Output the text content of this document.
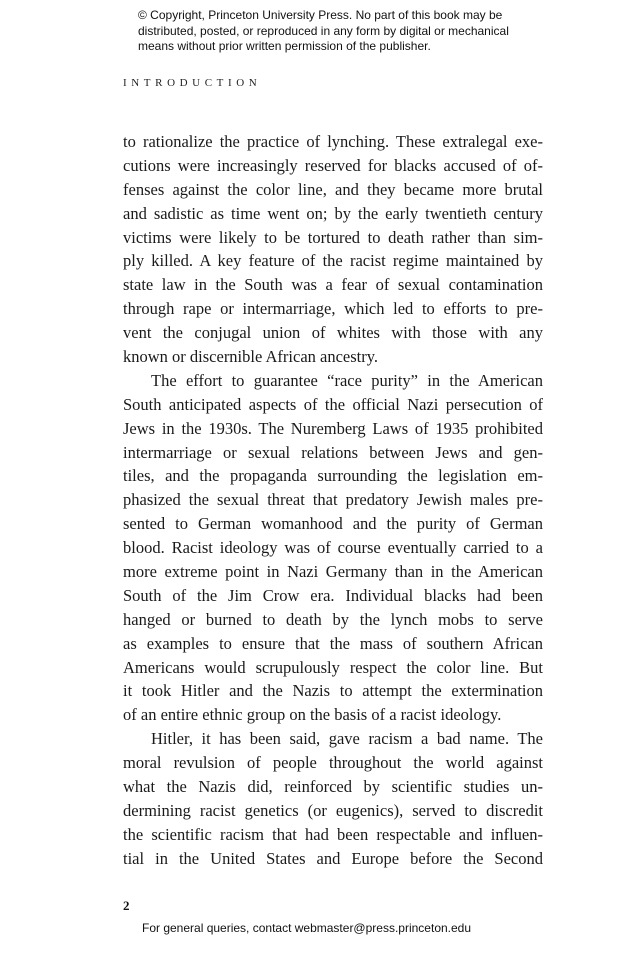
© Copyright, Princeton University Press. No part of this book may be
distributed, posted, or reproduced in any form by digital or mechanical
means without prior written permission of the publisher.
INTRODUCTION
to rationalize the practice of lynching. These extralegal exe-
cutions were increasingly reserved for blacks accused of of-
fenses against the color line, and they became more brutal
and sadistic as time went on; by the early twentieth century
victims were likely to be tortured to death rather than sim-
ply killed. A key feature of the racist regime maintained by
state law in the South was a fear of sexual contamination
through rape or intermarriage, which led to efforts to pre-
vent the conjugal union of whites with those with any
known or discernible African ancestry.
The effort to guarantee “race purity” in the American
South anticipated aspects of the official Nazi persecution of
Jews in the 1930s. The Nuremberg Laws of 1935 prohibited
intermarriage or sexual relations between Jews and gen-
tiles, and the propaganda surrounding the legislation em-
phasized the sexual threat that predatory Jewish males pre-
sented to German womanhood and the purity of German
blood. Racist ideology was of course eventually carried to a
more extreme point in Nazi Germany than in the American
South of the Jim Crow era. Individual blacks had been
hanged or burned to death by the lynch mobs to serve
as examples to ensure that the mass of southern African
Americans would scrupulously respect the color line. But
it took Hitler and the Nazis to attempt the extermination
of an entire ethnic group on the basis of a racist ideology.
Hitler, it has been said, gave racism a bad name. The
moral revulsion of people throughout the world against
what the Nazis did, reinforced by scientific studies un-
dermining racist genetics (or eugenics), served to discredit
the scientific racism that had been respectable and influen-
tial in the United States and Europe before the Second
2
For general queries, contact webmaster@press.princeton.edu
